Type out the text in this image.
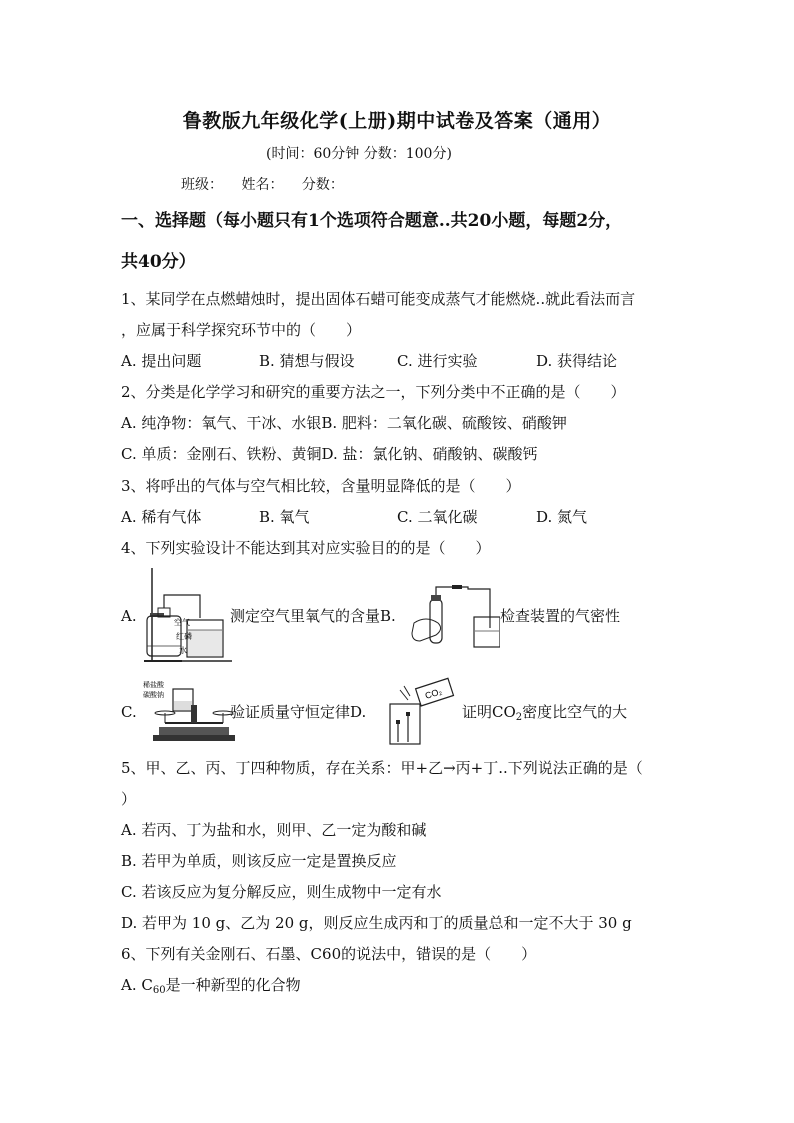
鲁教版九年级化学(上册)期中试卷及答案（通用）
(时间：60分钟 分数：100分)
班级： 姓名： 分数：
一、选择题（每小题只有1个选项符合题意..共20小题，每题2分，
共40分）
1、某同学在点燃蜡烛时，提出固体石蜡可能变成蒸气才能燃烧..就此看法而言
，应属于科学探究环节中的（　　）
A. 提出问题	B. 猜想与假设	C. 进行实验	D. 获得结论
2、分类是化学学习和研究的重要方法之一，下列分类中不正确的是（　　）
A. 纯净物：氧气、干冰、水银B. 肥料：二氧化碳、硫酸铵、硝酸钾
C. 单质：金刚石、铁粉、黄铜D. 盐：氯化钠、硝酸钠、碳酸钙
3、将呼出的气体与空气相比较，含量明显降低的是（　　）
A. 稀有气体	B. 氧气	C. 二氧化碳	D. 氮气
4、下列实验设计不能达到其对应实验目的的是（　　）
A.	空气
红磷
水
测定空气里氧气的含量B.	检查装置的气密性
C.
稀盐酸
碳酸钠
验证质量守恒定律D.
CO₂
证明$CO_2$密度比空气的大
5、甲、乙、丙、丁四种物质，存在关系：甲+乙→丙+丁..下列说法正确的是（
）
A. 若丙、丁为盐和水，则甲、乙一定为酸和碱
B. 若甲为单质，则该反应一定是置换反应
C. 若该反应为复分解反应，则生成物中一定有水
D. 若甲为 10 g、乙为 20 g，则反应生成丙和丁的质量总和一定不大于 30 g
6、下列有关金刚石、石墨、C60的说法中，错误的是（　　）
A. $C_{60}$是一种新型的化合物
